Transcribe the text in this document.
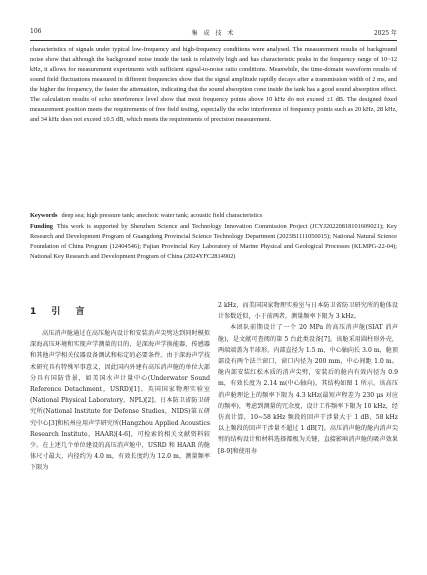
106	集 成 技 术	2025 年
characteristics of signals under typical low-frequency and high-frequency conditions were analysed. The measurement results of background noise show that although the background noise inside the tank is relatively high and has characteristic peaks in the frequency range of 10~12 kHz, it allows for measurement experiments with sufficient signal-to-noise ratio conditions. Meanwhile, the time-domain waveform results of sound field fluctuations measured in different frequencies show that the signal amplitude rapidly decays after a transmission width of 2 ms, and the higher the frequency, the faster the attenuation, indicating that the sound absorption cone inside the tank has a good sound absorption effect. The calculation results of echo interference level show that most frequency points above 10 kHz do not exceed ±1 dB. The designed fixed measurement position meets the requirements of free field testing, especially the echo interference of frequency points such as 20 kHz, 28 kHz, and 34 kHz does not exceed ±0.5 dB, which meets the requirements of precision measurement.
Keywords deep sea; high pressure tank; anechoic water tank; acoustic field characteristics
Funding This work is supported by Shenzhen Science and Technology Innovation Commission Project (JCYJ20220818101609021); Key Research and Development Program of Guangdong Provincial Science Technology Department (2023B1111050015); National Natural Science Foundation of China Program (12404546); Fujian Provincial Key Laboratory of Marine Physical and Geological Processes (KLMPG-22-04); National Key Research and Development Program of China (2024YFC2814902)
1 引 言

高压消声舱通过在高压舱内设计和安装消声尖劈达到同时模拟深海高压环境和实现声学测量的目的，是深海声学换能器、传感器和其他声学相关仪器设备测试和标定的必要条件。由于深海声学技术研究具有特殊军事意义，因此国内外建有高压消声舱的单位大部分具有国防背景，如美国水声计量中心(Underwater Sound Reference Detachment，USRD)[1]、英国国家物理实验室(National Physical Laboratory，NPL)[2]、日本防卫省防卫研究所(National Institute for Defense Studies，NIDS)第五研究中心[3]和杭州应用声学研究所(Hangzhou Applied Acoustics Research Institute，HAAR)[4-6]，可检索的相关文献资料较少。在上述几个单位建设的高压消声舱中，USRD 和 HAAR 的舱体尺寸最大，内径约为 4.0 m，有效长度约为 12.0 m，测量频率下限为

2 kHz，而美国国家物理实验室与日本防卫省防卫研究所的舱体设计参数近似，小于前两者，测量频率下限为 3 kHz。

本团队前期设计了一个 20 MPa 的高压消声舱(SIAT 消声舱)，是文献可查阅的第 5 台此类设备[7]。该舱采用圆柱形外壳，两端端盖为半球形，内部直径为 1.5 m，中心轴向长 3.0 m，舱顶部设有两个法兰窗口，窗口内径为 200 mm，中心间距 1.0 m。舱内部安装红松木质的消声尖劈，安装后的舱内有效内径为 0.9 m，有效长度为 2.14 m(中心轴向)，其结构如图 1 所示。该高压消声舱理论上的频率下限为 4.3 kHz(最短声程差为 230 μs 对应的频率)，考虑到测量的冗余度，设计工作频率下限为 10 kHz，经仿真计算，10~58 kHz 频段的回声干涉量大于 1 dB，58 kHz 以上频段的回声干涉量不超过 1 dB[7]。高压消声舱的舱内消声尖劈的结构设计和材料选择都极为关键，直接影响消声舱的吸声效果[8-9]和使用寿
